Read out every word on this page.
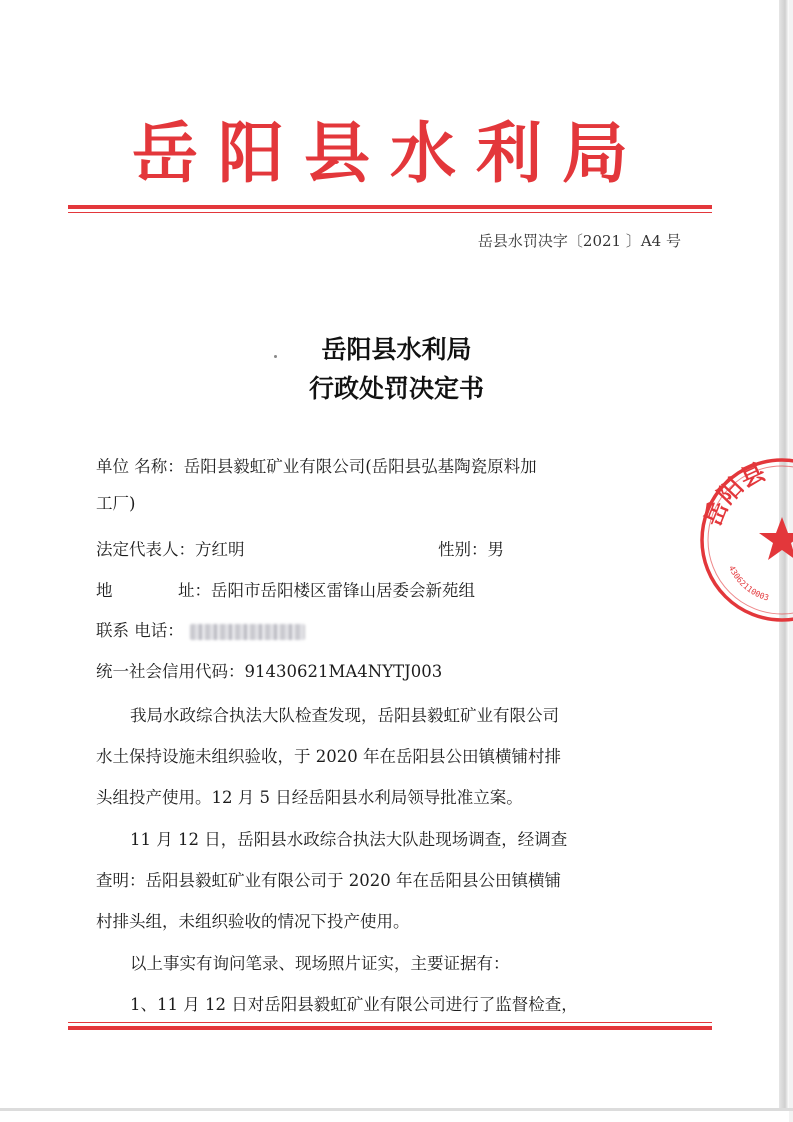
岳阳县水利局
岳县水罚决字〔2021 〕A4 号
岳阳县水利局
行政处罚决定书
单位 名称：岳阳县毅虹矿业有限公司(岳阳县弘基陶瓷原料加
工厂)
法定代表人：方红明	性别：男
地	址：岳阳市岳阳楼区雷锋山居委会新苑组
联系 电话：
统一社会信用代码：91430621MA4NYTJ003
我局水政综合执法大队检查发现，岳阳县毅虹矿业有限公司
水土保持设施未组织验收，于 2020 年在岳阳县公田镇横铺村排
头组投产使用。12 月 5 日经岳阳县水利局领导批准立案。
11 月 12 日，岳阳县水政综合执法大队赴现场调查，经调查
查明：岳阳县毅虹矿业有限公司于 2020 年在岳阳县公田镇横铺
村排头组，未组织验收的情况下投产使用。
以上事实有询问笔录、现场照片证实，主要证据有：
1、11 月 12 日对岳阳县毅虹矿业有限公司进行了监督检查，
岳阳县
43062110003
